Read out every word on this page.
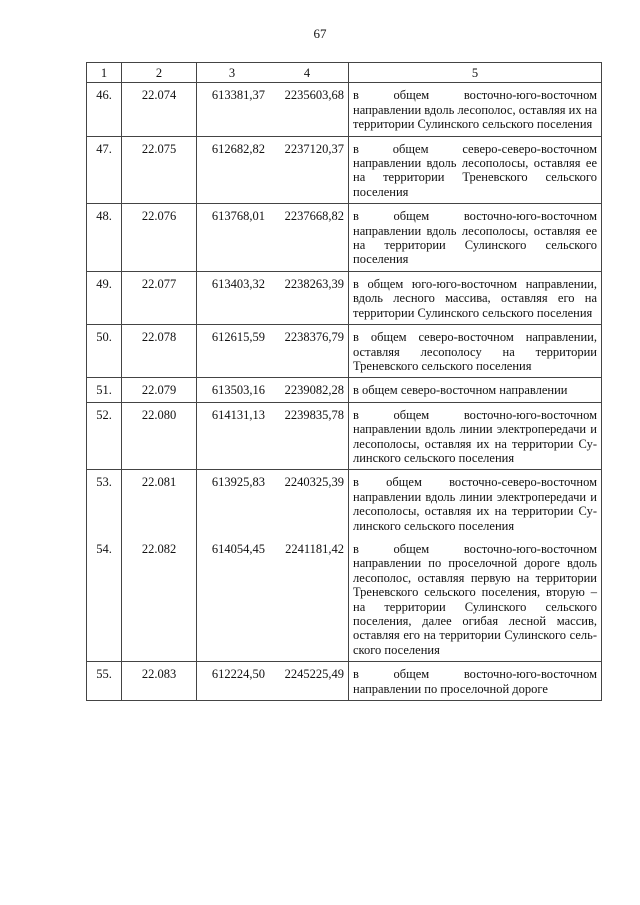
67
1	2	3	4	5
46.	22.074	613381,37	2235603,68	в общем восточно-юго-восточном направлении вдоль лесополос, оставляя их на территории Сулинского сельского поселения
47.	22.075	612682,82	2237120,37	в общем северо-северо-восточном направлении вдоль лесополосы, оставляя ее на территории Треневского сельского поселения
48.	22.076	613768,01	2237668,82	в общем восточно-юго-восточном направлении вдоль лесополосы, оставляя ее на территории Сулинского сельского поселения
49.	22.077	613403,32	2238263,39	в общем юго-юго-восточном направлении, вдоль лесного массива, оставляя его на территории Сулинского сельского поселения
50.	22.078	612615,59	2238376,79	в общем северо-восточном направлении, оставляя лесополосу на территории Треневского сельского поселения
51.	22.079	613503,16	2239082,28	в общем северо-восточном направлении
52.	22.080	614131,13	2239835,78	в общем восточно-юго-восточном направлении вдоль линии электропередачи и лесополосы, оставляя их на территории Сулинского сельского поселения
53.	22.081	613925,83	2240325,39	в общем восточно-северо-восточном направлении вдоль линии электропередачи и лесополосы, оставляя их на территории Сулинского сельского поселения
54.	22.082	614054,45	2241181,42	в общем восточно-юго-восточном направлении по проселочной дороге вдоль лесополос, оставляя первую на территории Треневского сельского поселения, вторую – на территории Сулинского сельского поселения, далее огибая лесной массив, оставляя его на территории Сулинского сельского поселения
55.	22.083	612224,50	2245225,49	в общем восточно-юго-восточном направлении по проселочной дороге
